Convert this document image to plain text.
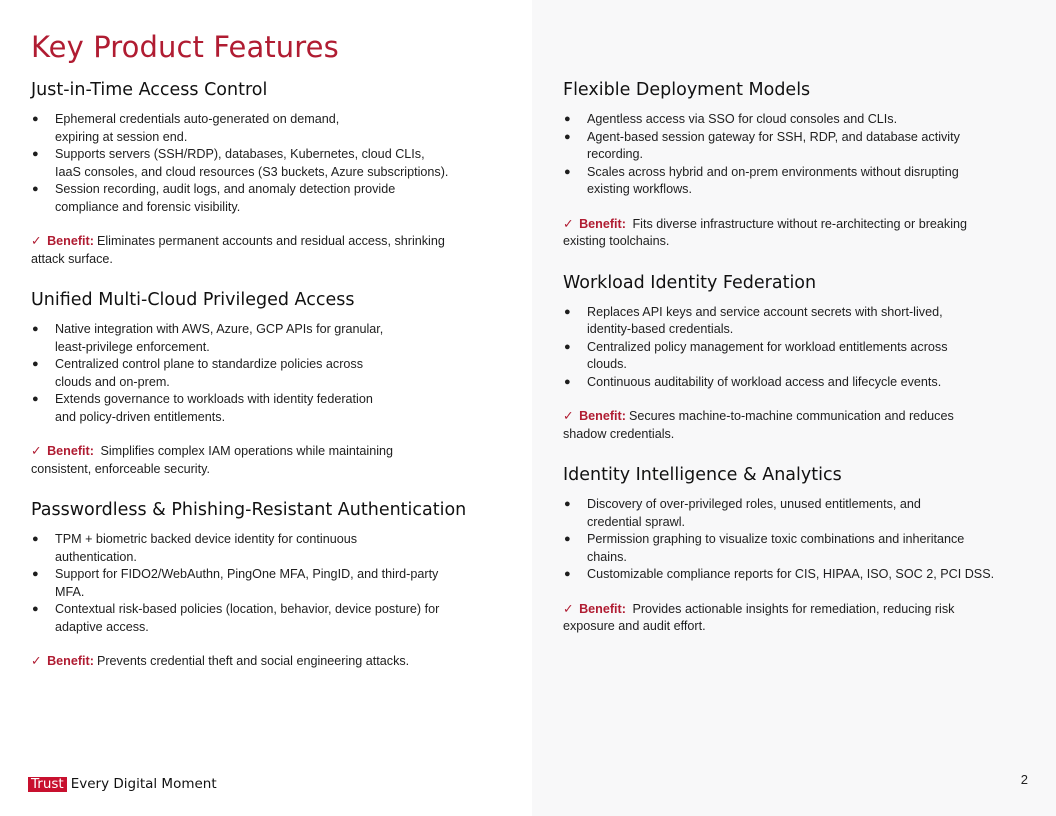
Key Product Features
Just-in-Time Access Control
● Ephemeral credentials auto-generated on demand,
expiring at session end.
● Supports servers (SSH/RDP), databases, Kubernetes, cloud CLIs,
IaaS consoles, and cloud resources (S3 buckets, Azure subscriptions).
● Session recording, audit logs, and anomaly detection provide
compliance and forensic visibility.

✓ Benefit: Eliminates permanent accounts and residual access, shrinking
attack surface.

Unified Multi-Cloud Privileged Access
● Native integration with AWS, Azure, GCP APIs for granular,
least-privilege enforcement.
● Centralized control plane to standardize policies across
clouds and on-prem.
● Extends governance to workloads with identity federation
and policy-driven entitlements.

✓ Benefit: Simplifies complex IAM operations while maintaining
consistent, enforceable security.

Passwordless & Phishing-Resistant Authentication
● TPM + biometric backed device identity for continuous
authentication.
● Support for FIDO2/WebAuthn, PingOne MFA, PingID, and third-party
MFA.
● Contextual risk-based policies (location, behavior, device posture) for
adaptive access.

✓ Benefit: Prevents credential theft and social engineering attacks.

Flexible Deployment Models
● Agentless access via SSO for cloud consoles and CLIs.
● Agent-based session gateway for SSH, RDP, and database activity
recording.
● Scales across hybrid and on-prem environments without disrupting
existing workflows.

✓ Benefit: Fits diverse infrastructure without re-architecting or breaking
existing toolchains.

Workload Identity Federation
● Replaces API keys and service account secrets with short-lived,
identity-based credentials.
● Centralized policy management for workload entitlements across
clouds.
● Continuous auditability of workload access and lifecycle events.

✓ Benefit: Secures machine-to-machine communication and reduces
shadow credentials.

Identity Intelligence & Analytics
● Discovery of over-privileged roles, unused entitlements, and
credential sprawl.
● Permission graphing to visualize toxic combinations and inheritance
chains.
● Customizable compliance reports for CIS, HIPAA, ISO, SOC 2, PCI DSS.

✓ Benefit: Provides actionable insights for remediation, reducing risk
exposure and audit effort.

Trust Every Digital Moment	2
